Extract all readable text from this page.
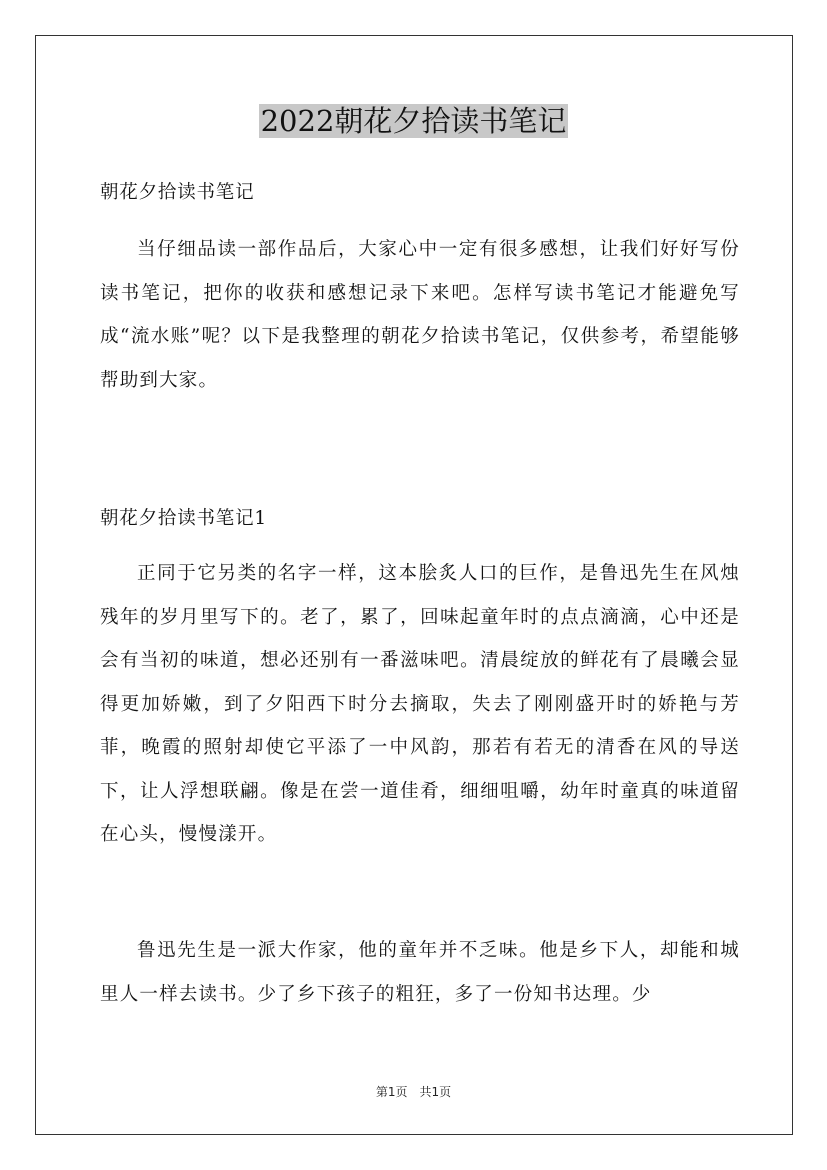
2022朝花夕拾读书笔记

朝花夕拾读书笔记

当仔细品读一部作品后，大家心中一定有很多感想，让我们好好写份读书笔记，把你的收获和感想记录下来吧。怎样写读书笔记才能避免写成“流水账”呢？以下是我整理的朝花夕拾读书笔记，仅供参考，希望能够帮助到大家。

朝花夕拾读书笔记1

正同于它另类的名字一样，这本脍炙人口的巨作，是鲁迅先生在风烛残年的岁月里写下的。老了，累了，回味起童年时的点点滴滴，心中还是会有当初的味道，想必还别有一番滋味吧。清晨绽放的鲜花有了晨曦会显得更加娇嫩，到了夕阳西下时分去摘取，失去了刚刚盛开时的娇艳与芳菲，晚霞的照射却使它平添了一中风韵，那若有若无的清香在风的导送下，让人浮想联翩。像是在尝一道佳肴，细细咀嚼，幼年时童真的味道留在心头，慢慢漾开。

鲁迅先生是一派大作家，他的童年并不乏味。他是乡下人，却能和城里人一样去读书。少了乡下孩子的粗狂，多了一份知书达理。少

第1页 共1页
